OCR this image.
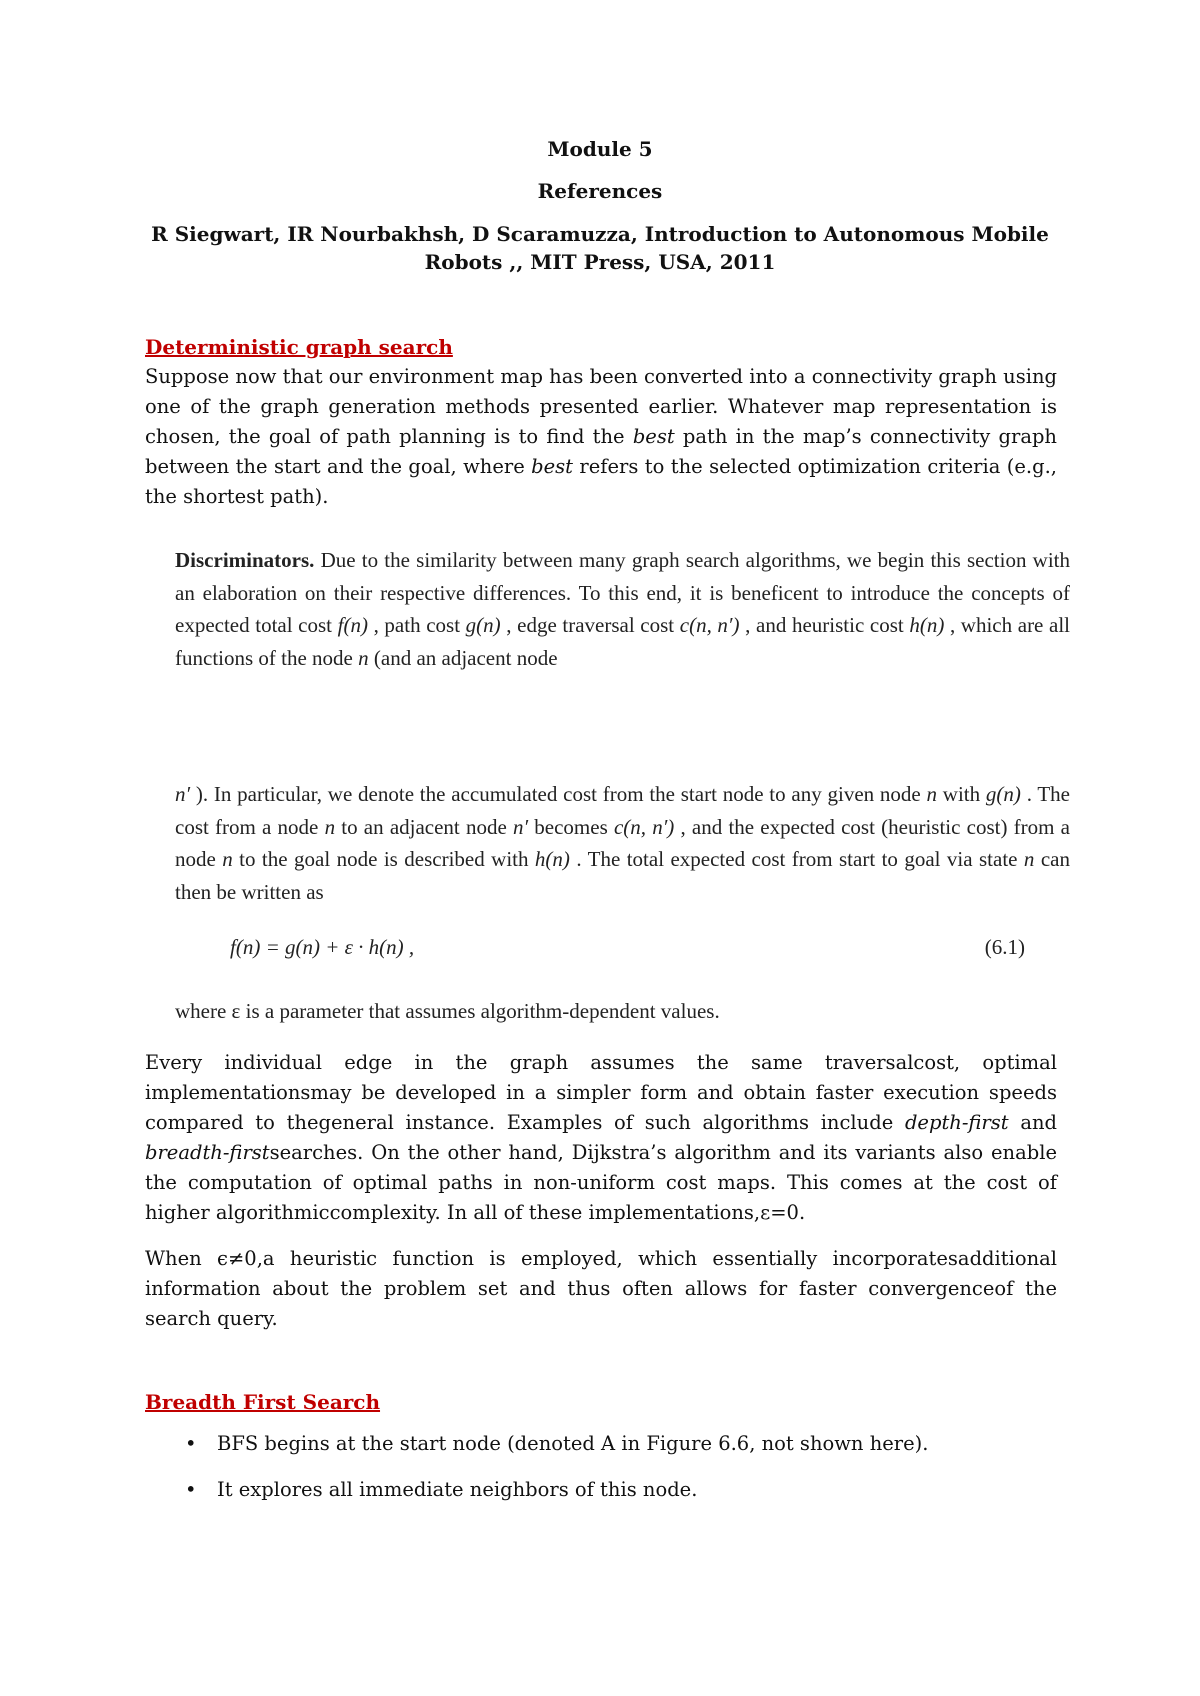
Module 5
References
R Siegwart, IR Nourbakhsh, D Scaramuzza, Introduction to Autonomous Mobile
Robots ,, MIT Press, USA, 2011
Deterministic graph search

Suppose now that our environment map has been converted into a connectivity graph using one of the graph generation methods presented earlier. Whatever map representation is chosen, the goal of path planning is to find the best path in the map’s connectivity graph between the start and the goal, where best refers to the selected optimization criteria (e.g., the shortest path).

Discriminators. Due to the similarity between many graph search algorithms, we begin this section with an elaboration on their respective differences. To this end, it is beneficent to introduce the concepts of expected total cost f(n) , path cost g(n) , edge traversal cost c(n, n′) , and heuristic cost h(n) , which are all functions of the node n (and an adjacent node

n′ ). In particular, we denote the accumulated cost from the start node to any given node n with g(n) . The cost from a node n to an adjacent node n′ becomes c(n, n′) , and the expected cost (heuristic cost) from a node n to the goal node is described with h(n) . The total expected cost from start to goal via state n can then be written as

f(n) = g(n) + ε · h(n) ,	(6.1)
where ε is a parameter that assumes algorithm-dependent values.

Every individual edge in the graph assumes the same traversalcost, optimal implementationsmay be developed in a simpler form and obtain faster execution speeds compared to thegeneral instance. Examples of such algorithms include depth-first and breadth-firstsearches. On the other hand, Dijkstra’s algorithm and its variants also enable the computation of optimal paths in non-uniform cost maps. This comes at the cost of higher algorithmiccomplexity. In all of these implementations,ε=0.

When ϵ≠0,a heuristic function is employed, which essentially incorporatesadditional information about the problem set and thus often allows for faster convergenceof the search query.

Breadth First Search
• BFS begins at the start node (denoted A in Figure 6.6, not shown here).
• It explores all immediate neighbors of this node.
